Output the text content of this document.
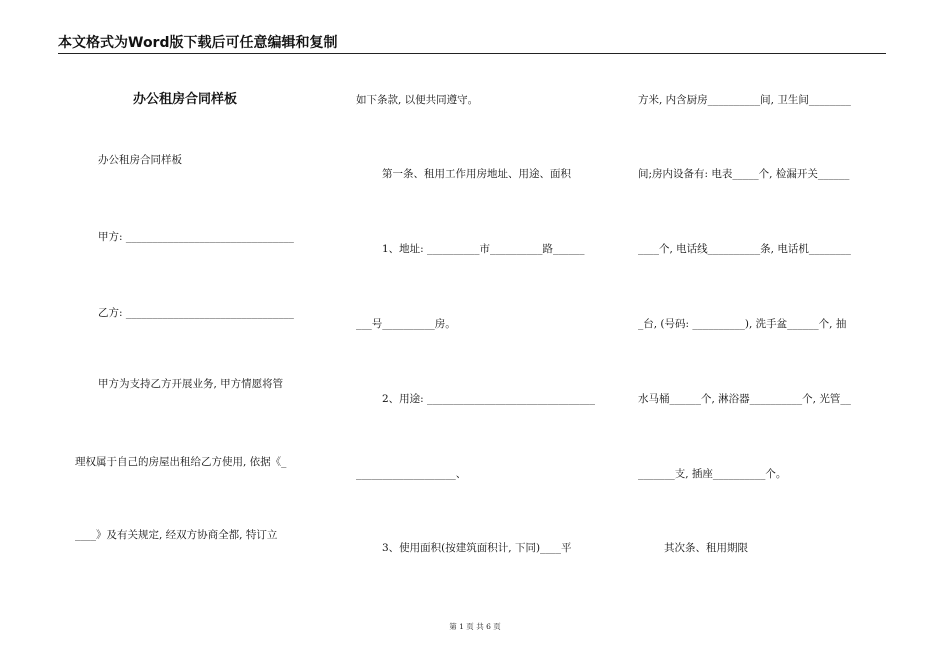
本文格式为Word版下载后可任意编辑和复制
办公租房合同样板
办公租房合同样板
甲方: ________________________________
乙方: ________________________________
甲方为支持乙方开展业务, 甲方情愿将管
理权属于自己的房屋出租给乙方使用, 依据《_
____》及有关规定, 经双方协商全都, 特订立
如下条款, 以便共同遵守。
第一条、租用工作用房地址、用途、面积
1、地址: __________市__________路______
___号__________房。
2、用途: ________________________________
___________________、
3、使用面积(按建筑面积计, 下同)____平
方米, 内含厨房__________间, 卫生间________
间;房内设备有: 电表_____个, 检漏开关______
____个, 电话线__________条, 电话机________
_台, (号码: __________), 洗手盆______个, 抽
水马桶______个, 淋浴器__________个, 光管__
_______支, 插座__________个。
其次条、租用期限
第 1 页 共 6 页
